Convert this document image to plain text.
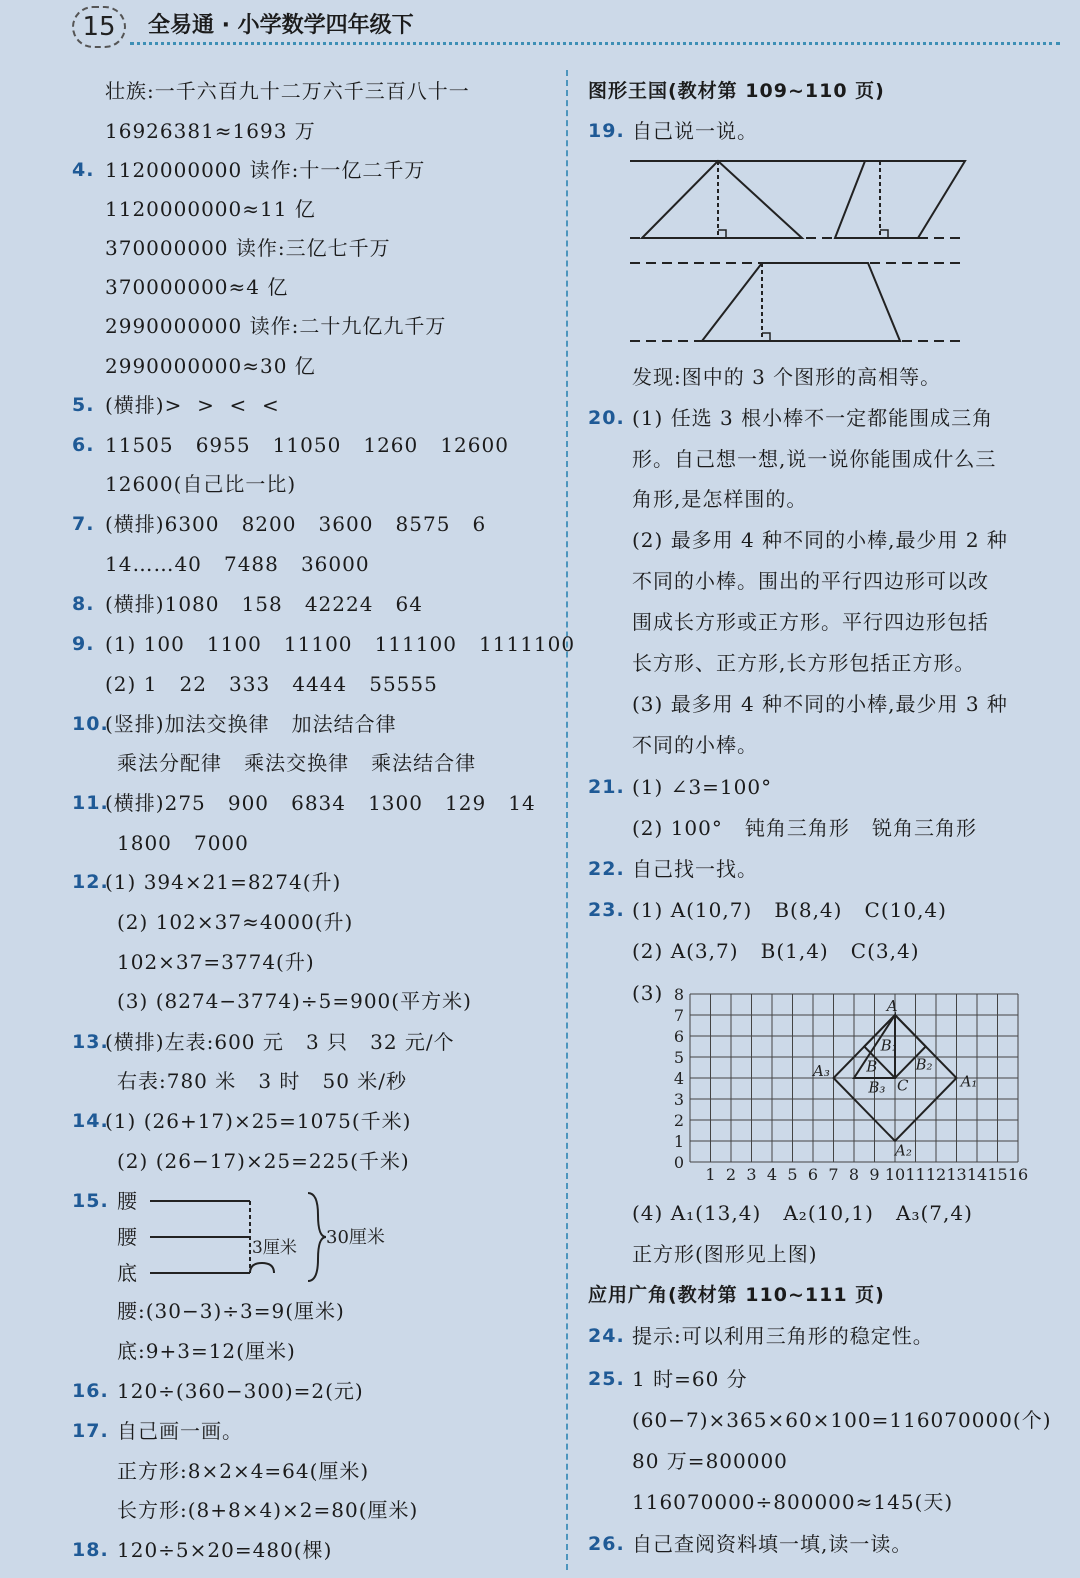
15	全易通 · 小学数学四年级下
壮族:一千六百九十二万六千三百八十一
16926381≈1693 万
4. 1120000000 读作:十一亿二千万
1120000000≈11 亿
370000000 读作:三亿七千万
370000000≈4 亿
2990000000 读作:二十九亿九千万
2990000000≈30 亿
5. (横排)>  >  <  <
6. 11505   6955   11050   1260   12600
12600(自己比一比)
7. (横排)6300   8200   3600   8575   6
14……40   7488   36000
8. (横排)1080   158   42224   64
9. (1) 100   1100   11100   111100   1111100
(2) 1   22   333   4444   55555
10.
(竖排)加法交换律   加法结合律
乘法分配律   乘法交换律   乘法结合律
11.
(横排)275   900   6834   1300   129   14
1800   7000
12.
(1) 394×21=8274(升)
(2) 102×37≈4000(升)
102×37=3774(升)
(3) (8274−3774)÷5=900(平方米)
13.
(横排)左表:600 元   3 只   32 元/个
右表:780 米   3 时   50 米/秒
14.
(1) (26+17)×25=1075(千米)
(2) (26−17)×25=225(千米)
15. 腰
腰
底
3厘米 30厘米
腰:(30−3)÷3=9(厘米)
底:9+3=12(厘米)
16. 120÷(360−300)=2(元)
17. 自己画一画。
正方形:8×2×4=64(厘米)
长方形:(8+8×4)×2=80(厘米)
18. 120÷5×20=480(棵)
图形王国(教材第 109~110 页)
19. 自己说一说。
发现:图中的 3 个图形的高相等。
20. (1) 任选 3 根小棒不一定都能围成三角
形。自己想一想,说一说你能围成什么三
角形,是怎样围的。
(2) 最多用 4 种不同的小棒,最少用 2 种
不同的小棒。围出的平行四边形可以改
围成长方形或正方形。平行四边形包括
长方形、正方形,长方形包括正方形。
(3) 最多用 4 种不同的小棒,最少用 3 种
不同的小棒。
21. (1) ∠3=100°
(2) 100°   钝角三角形   锐角三角形
22. 自己找一找。
23. (1) A(10,7)   B(8,4)   C(10,4)
(2) A(3,7)   B(1,4)   C(3,4)
(3)
1 2 3 4 5 6 7 8 9 10 11 12 13 14 15 16
0
1
2
3
4
5
6
7
8
A
B
C	A₁
A₂
A₃
B₁
B₂
B₃
(4) A₁(13,4)   A₂(10,1)   A₃(7,4)
正方形(图形见上图)
应用广角(教材第 110~111 页)
24. 提示:可以利用三角形的稳定性。
25. 1 时=60 分
(60−7)×365×60×100=116070000(个)
80 万=800000
116070000÷800000≈145(天)
26. 自己查阅资料填一填,读一读。
